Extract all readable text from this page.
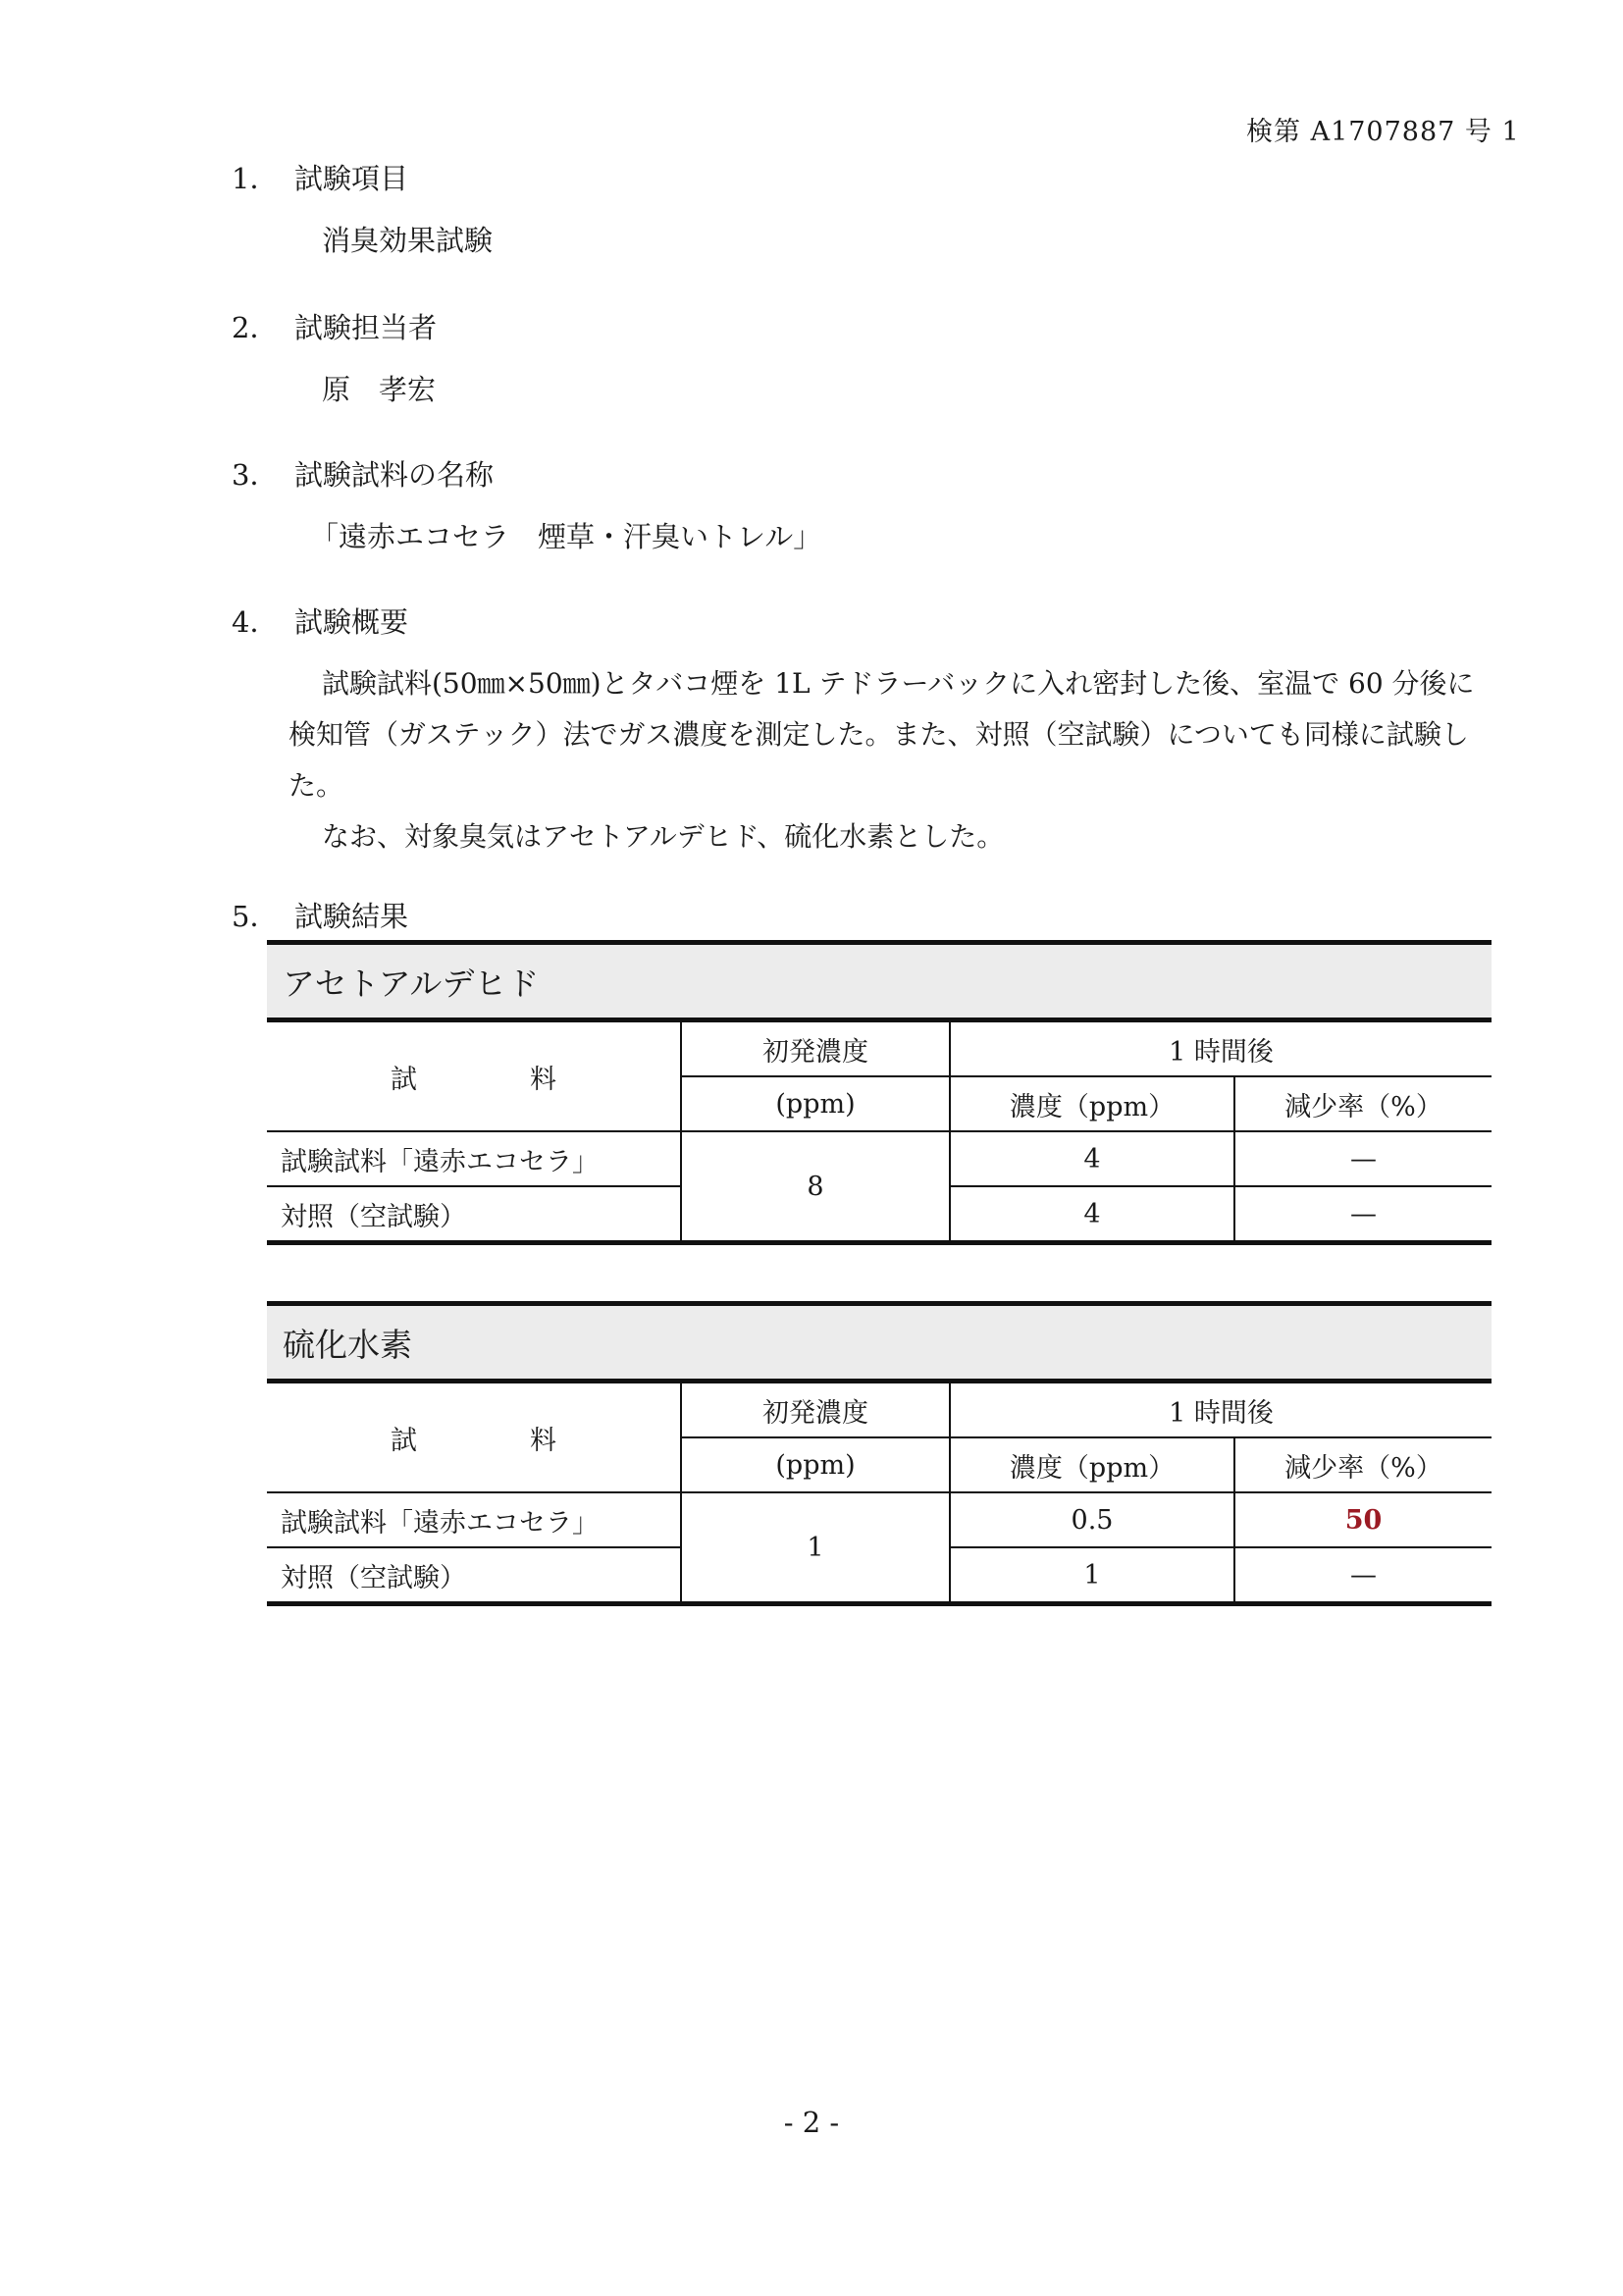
検第 A1707887 号 1
1． 試験項目
消臭効果試験
2． 試験担当者
原　孝宏
3． 試験試料の名称
「遠赤エコセラ　煙草・汗臭いトレル」
4． 試験概要

試験試料(50㎜×50㎜)とタバコ煙を 1L テドラーバックに入れ密封した後、室温で 60 分後に検知管（ガステック）法でガス濃度を測定した。また、対照（空試験）についても同様に試験した。

なお、対象臭気はアセトアルデヒド、硫化水素とした。

5． 試験結果
アセトアルデヒド
試　料	初発濃度	1 時間後	
	(ppm)	濃度（ppm）	減少率（%）
試験試料「遠赤エコセラ」	8	4	—
対照（空試験）		4	—
硫化水素
試　料	初発濃度	1 時間後	
	(ppm)	濃度（ppm）	減少率（%）
試験試料「遠赤エコセラ」	1	0.5	50
対照（空試験）		1	—
- 2 -
